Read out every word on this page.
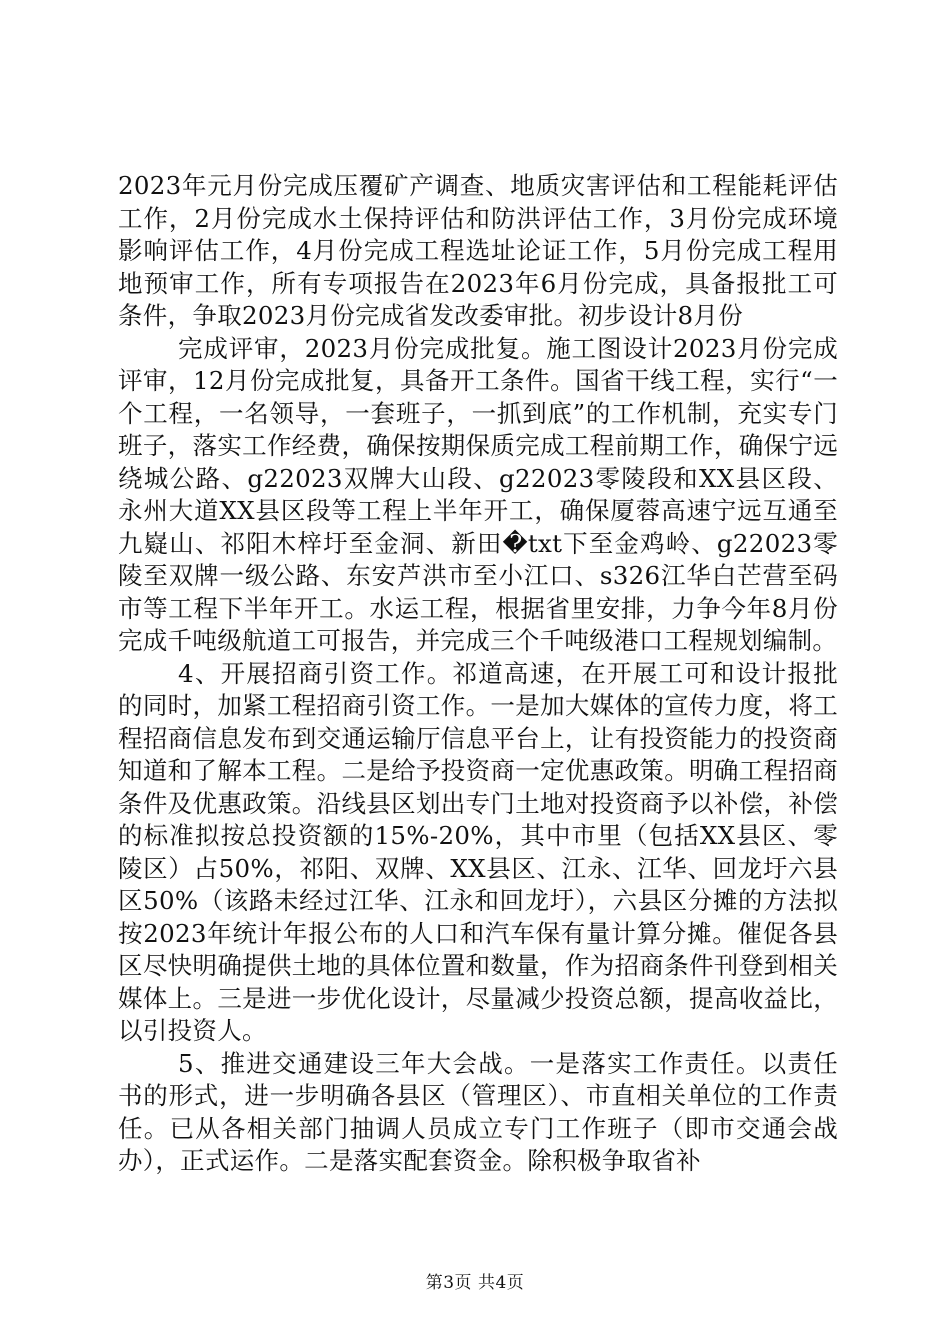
2023年元月份完成压覆矿产调查、地质灾害评估和工程能耗评估工作，2月份完成水土保持评估和防洪评估工作，3月份完成环境影响评估工作，4月份完成工程选址论证工作，5月份完成工程用地预审工作，所有专项报告在2023年6月份完成，具备报批工可条件，争取2023月份完成省发改委审批。初步设计8月份

完成评审，2023月份完成批复。施工图设计2023月份完成评审，12月份完成批复，具备开工条件。国省干线工程，实行“一个工程，一名领导，一套班子，一抓到底”的工作机制，充实专门班子，落实工作经费，确保按期保质完成工程前期工作，确保宁远绕城公路、g22023双牌大山段、g22023零陵段和XX县区段、永州大道XX县区段等工程上半年开工，确保厦蓉高速宁远互通至九嶷山、祁阳木梓圩至金洞、新田�txt下至金鸡岭、g22023零陵至双牌一级公路、东安芦洪市至小江口、s326江华白芒营至码市等工程下半年开工。水运工程，根据省里安排，力争今年8月份完成千吨级航道工可报告，并完成三个千吨级港口工程规划编制。

4、开展招商引资工作。祁道高速，在开展工可和设计报批的同时，加紧工程招商引资工作。一是加大媒体的宣传力度，将工程招商信息发布到交通运输厅信息平台上，让有投资能力的投资商知道和了解本工程。二是给予投资商一定优惠政策。明确工程招商条件及优惠政策。沿线县区划出专门土地对投资商予以补偿，补偿的标准拟按总投资额的15%-20%，其中市里（包括XX县区、零陵区）占50%，祁阳、双牌、XX县区、江永、江华、回龙圩六县区50%（该路未经过江华、江永和回龙圩），六县区分摊的方法拟按2023年统计年报公布的人口和汽车保有量计算分摊。催促各县区尽快明确提供土地的具体位置和数量，作为招商条件刊登到相关媒体上。三是进一步优化设计，尽量减少投资总额，提高收益比，以引投资人。

5、推进交通建设三年大会战。一是落实工作责任。以责任书的形式，进一步明确各县区（管理区）、市直相关单位的工作责任。已从各相关部门抽调人员成立专门工作班子（即市交通会战办），正式运作。二是落实配套资金。除积极争取省补

第3页 共4页
